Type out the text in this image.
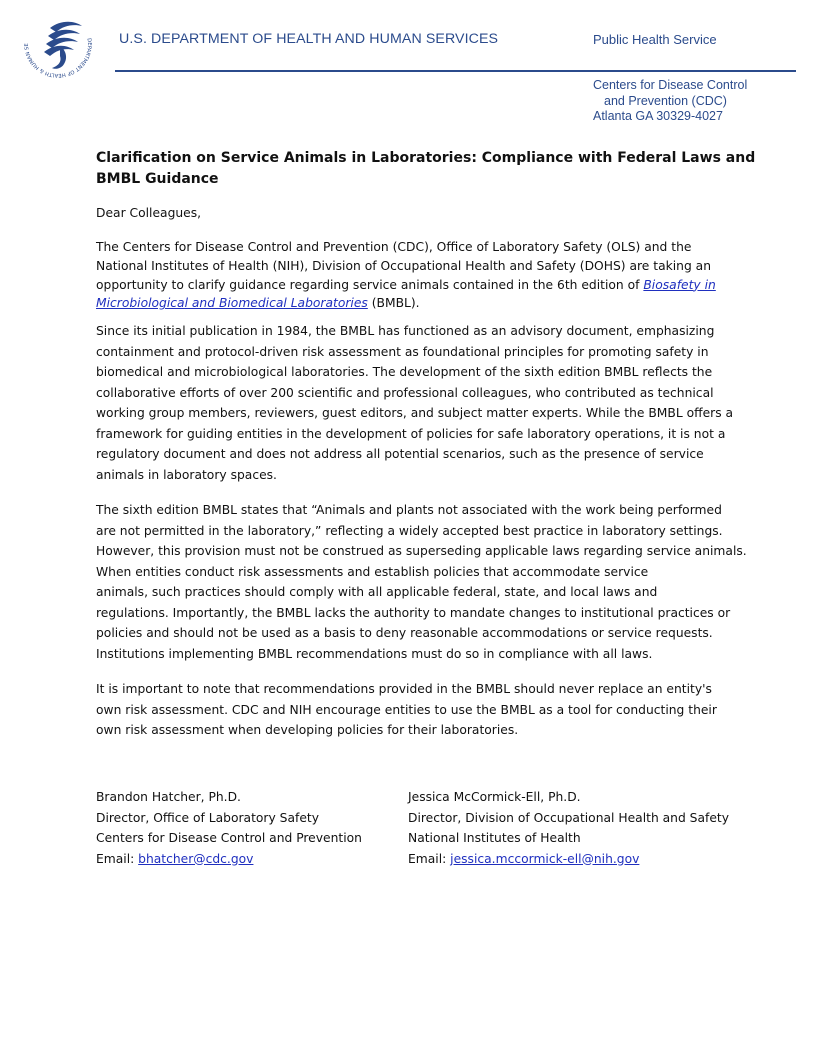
DEPARTMENT OF HEALTH & HUMAN SE	U.S. DEPARTMENT OF HEALTH AND HUMAN SERVICES	Public Health Service
Centers for Disease Control
and Prevention (CDC)
Atlanta GA 30329-4027
Clarification on Service Animals in Laboratories: Compliance with Federal Laws and
BMBL Guidance
Dear Colleagues,
The Centers for Disease Control and Prevention (CDC), Office of Laboratory Safety (OLS) and the
National Institutes of Health (NIH), Division of Occupational Health and Safety (DOHS) are taking an
opportunity to clarify guidance regarding service animals contained in the 6th edition of Biosafety in
Microbiological and Biomedical Laboratories (BMBL).
Since its initial publication in 1984, the BMBL has functioned as an advisory document, emphasizing
containment and protocol-driven risk assessment as foundational principles for promoting safety in
biomedical and microbiological laboratories. The development of the sixth edition BMBL reflects the
collaborative efforts of over 200 scientific and professional colleagues, who contributed as technical
working group members, reviewers, guest editors, and subject matter experts. While the BMBL offers a
framework for guiding entities in the development of policies for safe laboratory operations, it is not a
regulatory document and does not address all potential scenarios, such as the presence of service
animals in laboratory spaces.
The sixth edition BMBL states that “Animals and plants not associated with the work being performed
are not permitted in the laboratory,” reflecting a widely accepted best practice in laboratory settings.
However, this provision must not be construed as superseding applicable laws regarding service animals.
When entities conduct risk assessments and establish policies that accommodate service
animals, such practices should comply with all applicable federal, state, and local laws and
regulations. Importantly, the BMBL lacks the authority to mandate changes to institutional practices or
policies and should not be used as a basis to deny reasonable accommodations or service requests.
Institutions implementing BMBL recommendations must do so in compliance with all laws.
It is important to note that recommendations provided in the BMBL should never replace an entity's
own risk assessment. CDC and NIH encourage entities to use the BMBL as a tool for conducting their
own risk assessment when developing policies for their laboratories.
Brandon Hatcher, Ph.D.
Director, Office of Laboratory Safety
Centers for Disease Control and Prevention
Email: bhatcher@cdc.gov
Jessica McCormick-Ell, Ph.D.
Director, Division of Occupational Health and Safety
National Institutes of Health
Email: jessica.mccormick-ell@nih.gov
